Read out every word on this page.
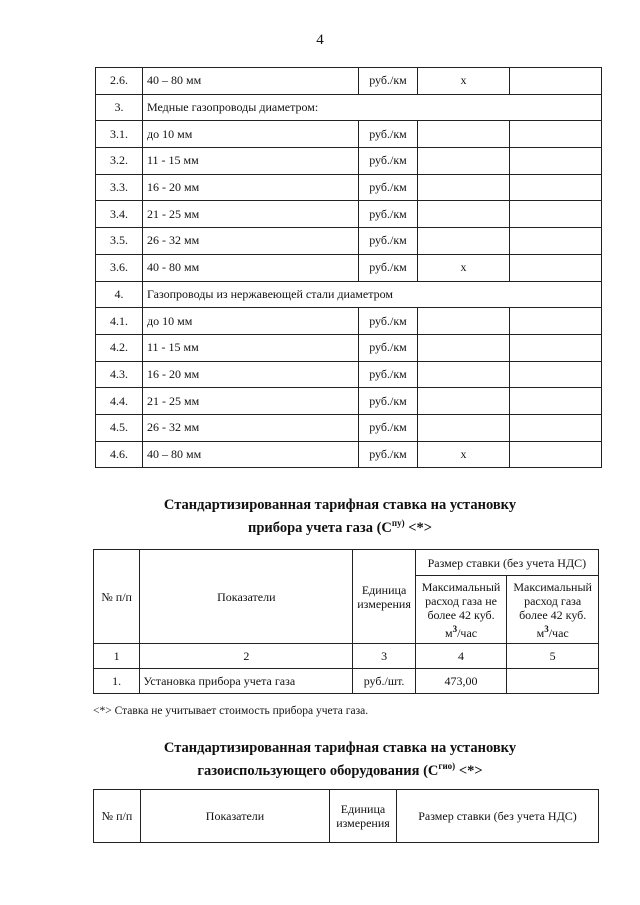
4
2.6.	40 – 80 мм	руб./км	х	
3.	Медные газопроводы диаметром:			
3.1.	до 10 мм	руб./км		
3.2.	11 - 15 мм	руб./км		
3.3.	16 - 20 мм	руб./км		
3.4.	21 - 25 мм	руб./км		
3.5.	26 - 32 мм	руб./км		
3.6.	40 - 80 мм	руб./км	х	
4.	Газопроводы из нержавеющей стали диаметром			
4.1.	до 10 мм	руб./км		
4.2.	11 - 15 мм	руб./км		
4.3.	16 - 20 мм	руб./км		
4.4.	21 - 25 мм	руб./км		
4.5.	26 - 32 мм	руб./км		
4.6.	40 – 80 мм	руб./км	х	
Стандартизированная тарифная ставка на установку
прибора учета газа ($С^{пу)}$ <*>
№ п/п	Показатели	Единица измерения	Размер ставки (без учета НДС)	
			Максимальный расход газа не более 42 куб. $м^3$/час	Максимальный расход газа более 42 куб. $м^3$/час
1	2	3	4	5
1.	Установка прибора учета газа	руб./шт.	473,00	
<*> Ставка не учитывает стоимость прибора учета газа.
Стандартизированная тарифная ставка на установку
газоиспользующего оборудования ($С^{гио)}$ <*>
№ п/п	Показатели	Единица измерения	Размер ставки (без учета НДС)
